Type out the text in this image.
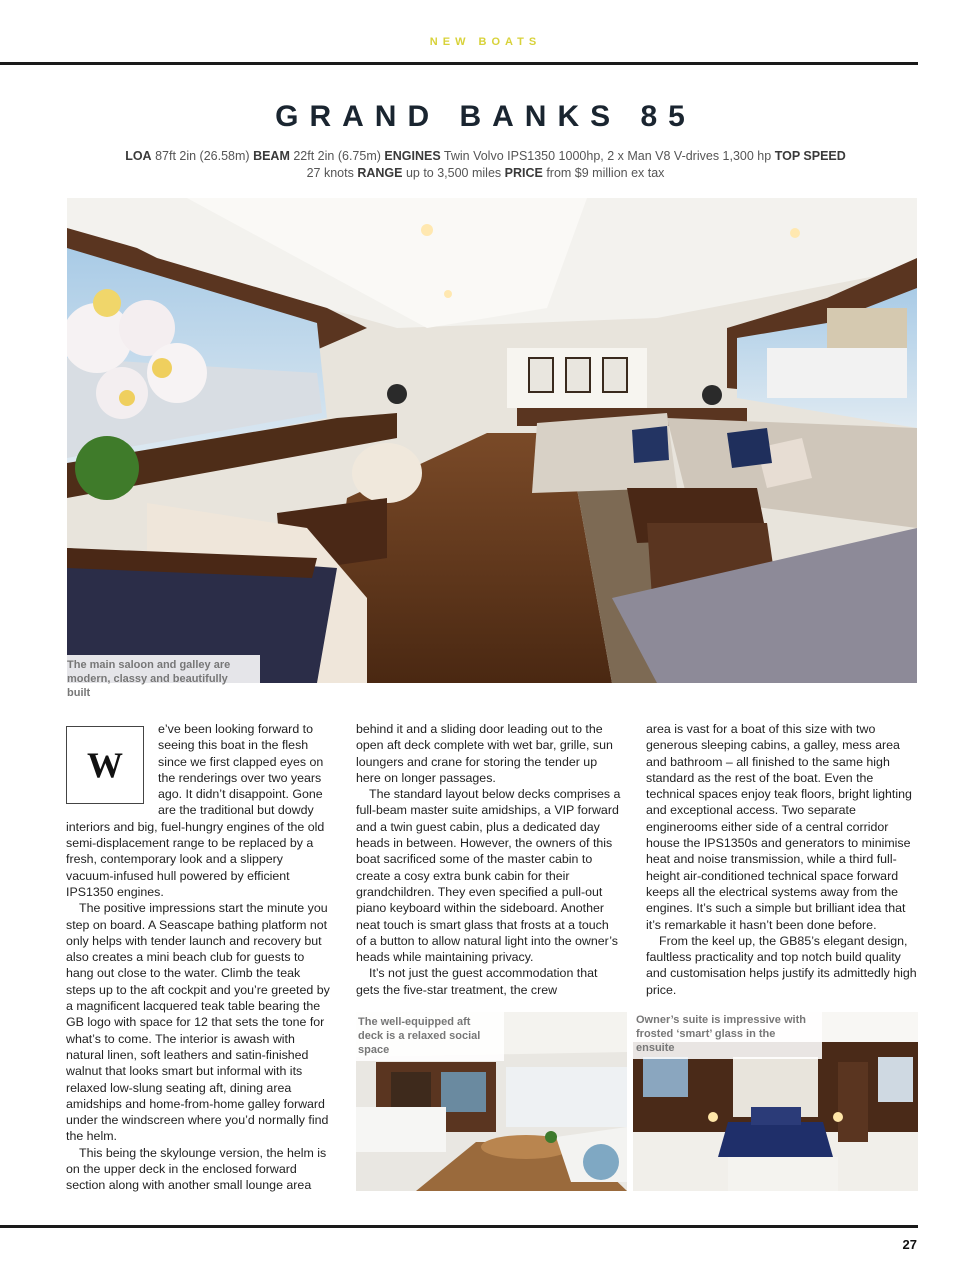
NEW BOATS
GRAND BANKS 85
LOA 87ft 2in (26.58m) BEAM 22ft 2in (6.75m) ENGINES Twin Volvo IPS1350 1000hp, 2 x Man V8 V-drives 1,300 hp TOP SPEED 27 knots RANGE up to 3,500 miles PRICE from $9 million ex tax
The main saloon and galley are modern, classy and beautifully built
W

e’ve been looking forward to seeing this boat in the flesh since we first clapped eyes on the renderings over two years ago. It didn’t disappoint. Gone are the traditional but dowdy interiors and big, fuel-hungry engines of the old semi-displacement range to be replaced by a fresh, contemporary look and a slippery vacuum-infused hull powered by efficient IPS1350 engines.

The positive impressions start the minute you step on board. A Seascape bathing platform not only helps with tender launch and recovery but also creates a mini beach club for guests to hang out close to the water. Climb the teak steps up to the aft cockpit and you’re greeted by a magnificent lacquered teak table bearing the GB logo with space for 12 that sets the tone for what’s to come. The interior is awash with natural linen, soft leathers and satin-finished walnut that looks smart but informal with its relaxed low-slung seating aft, dining area amidships and home-from-home galley forward under the windscreen where you’d normally find the helm.

This being the skylounge version, the helm is on the upper deck in the enclosed forward section along with another small lounge area

behind it and a sliding door leading out to the open aft deck complete with wet bar, grille, sun loungers and crane for storing the tender up here on longer passages.

The standard layout below decks comprises a full-beam master suite amidships, a VIP forward and a twin guest cabin, plus a dedicated day heads in between. However, the owners of this boat sacrificed some of the master cabin to create a cosy extra bunk cabin for their grandchildren. They even specified a pull-out piano keyboard within the sideboard. Another neat touch is smart glass that frosts at a touch of a button to allow natural light into the owner’s heads while maintaining privacy.

It’s not just the guest accommodation that gets the five-star treatment, the crew

area is vast for a boat of this size with two generous sleeping cabins, a galley, mess area and bathroom – all finished to the same high standard as the rest of the boat. Even the technical spaces enjoy teak floors, bright lighting and exceptional access. Two separate enginerooms either side of a central corridor house the IPS1350s and generators to minimise heat and noise transmission, while a third full-height air-conditioned technical space forward keeps all the electrical systems away from the engines. It’s such a simple but brilliant idea that it’s remarkable it hasn’t been done before.

From the keel up, the GB85’s elegant design, faultless practicality and top notch build quality and customisation helps justify its admittedly high price.

The well-equipped aft deck is a relaxed social space
Owner’s suite is impressive with frosted ‘smart’ glass in the ensuite
27
